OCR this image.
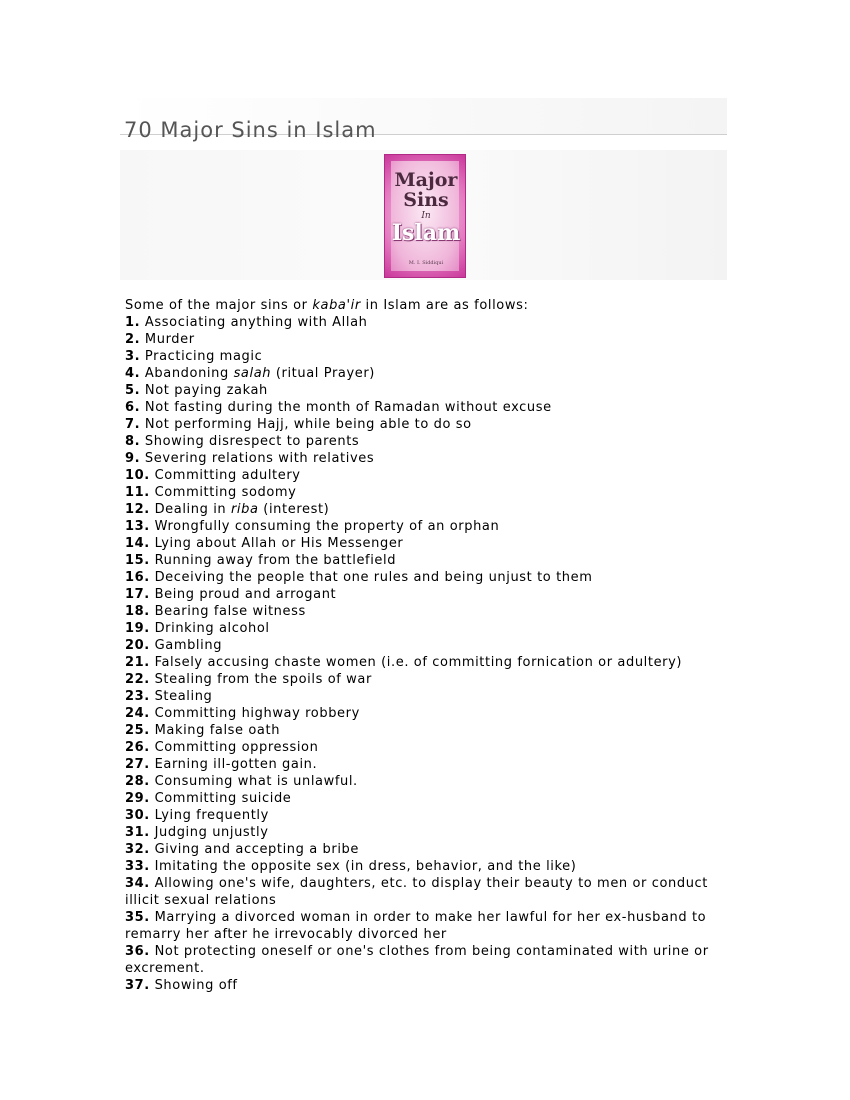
70 Major Sins in Islam
Major
Sins
In
Islam
M. I. Siddiqui

Some of the major sins or kaba'ir in Islam are as follows:

1. Associating anything with Allah

2. Murder

3. Practicing magic

4. Abandoning salah (ritual Prayer)

5. Not paying zakah

6. Not fasting during the month of Ramadan without excuse

7. Not performing Hajj, while being able to do so

8. Showing disrespect to parents

9. Severing relations with relatives

10. Committing adultery

11. Committing sodomy

12. Dealing in riba (interest)

13. Wrongfully consuming the property of an orphan

14. Lying about Allah or His Messenger

15. Running away from the battlefield

16. Deceiving the people that one rules and being unjust to them

17. Being proud and arrogant

18. Bearing false witness

19. Drinking alcohol

20. Gambling

21. Falsely accusing chaste women (i.e. of committing fornication or adultery)

22. Stealing from the spoils of war

23. Stealing

24. Committing highway robbery

25. Making false oath

26. Committing oppression

27. Earning ill-gotten gain.

28. Consuming what is unlawful.

29. Committing suicide

30. Lying frequently

31. Judging unjustly

32. Giving and accepting a bribe

33. Imitating the opposite sex (in dress, behavior, and the like)

34. Allowing one's wife, daughters, etc. to display their beauty to men or conduct illicit sexual relations

35. Marrying a divorced woman in order to make her lawful for her ex-husband to remarry her after he irrevocably divorced her

36. Not protecting oneself or one's clothes from being contaminated with urine or excrement.

37. Showing off
